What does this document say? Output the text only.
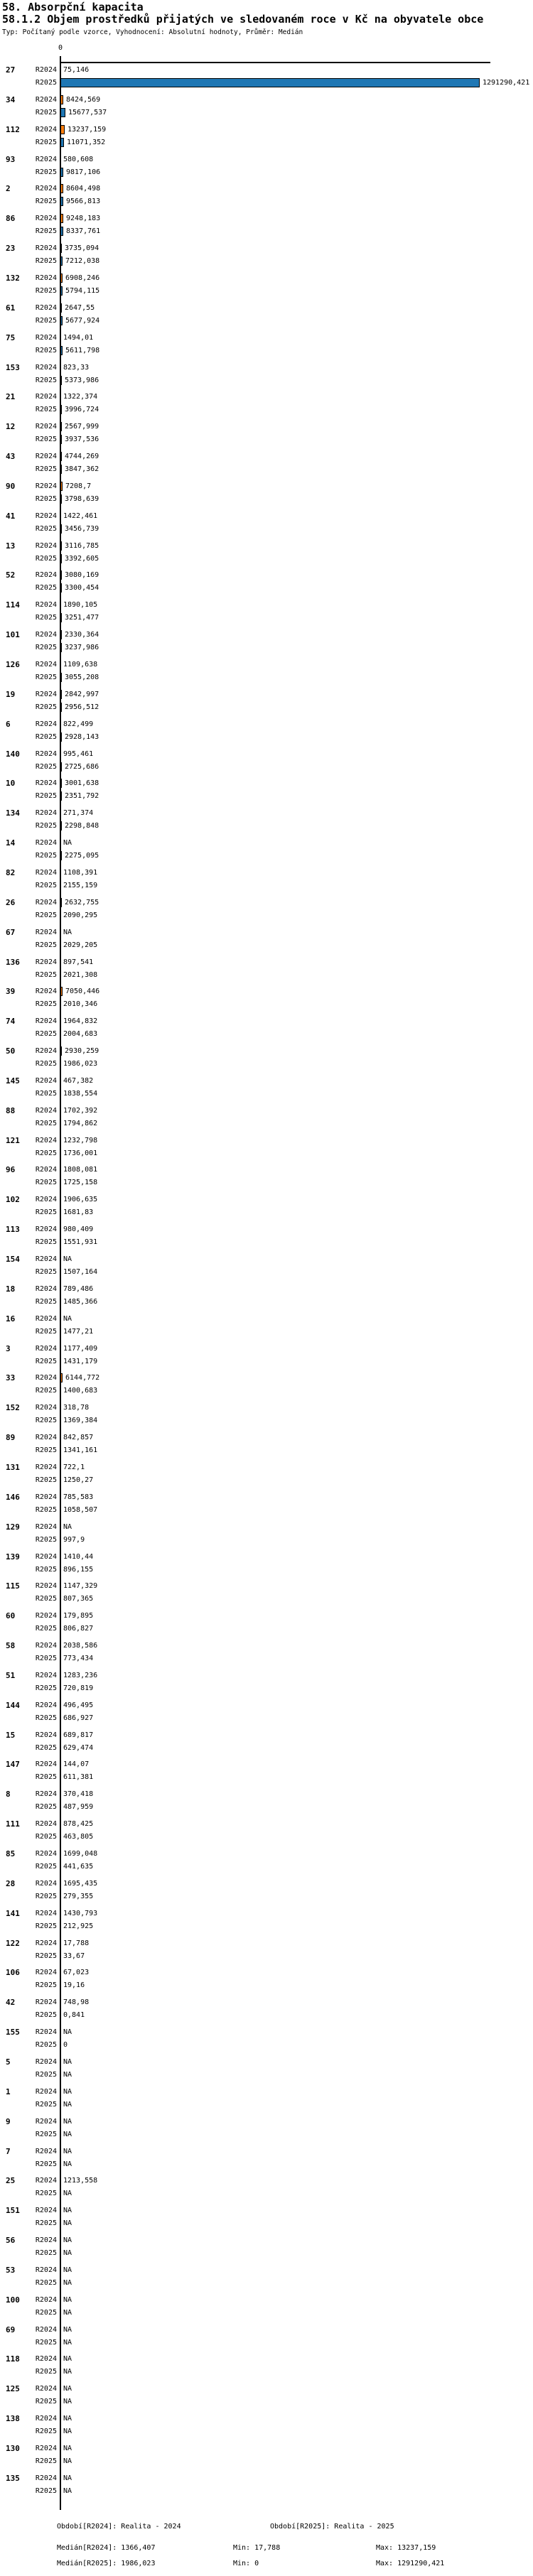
58. Absorpční kapacita
58.1.2 Objem prostředků přijatých ve sledovaném roce v Kč na obyvatele obce
Typ: Počítaný podle vzorce, Vyhodnocení: Absolutní hodnoty, Průměr: Medián
0
27	R2024 75,146
R2025	1291290,421
34	R2024 8424,569
R2025 15677,537
112	R2024 13237,159
R2025 11071,352
93	R2024 580,608
R2025 9817,106
2	R2024 8604,498
R2025 9566,813
86	R2024 9248,183
R2025 8337,761
23	R2024 3735,094
R2025 7212,038
132	R2024 6908,246
R2025 5794,115
61	R2024 2647,55
R2025 5677,924
75	R2024 1494,01
R2025 5611,798
153	R2024 823,33
R2025 5373,986
21	R2024 1322,374
R2025 3996,724
12	R2024 2567,999
R2025 3937,536
43	R2024 4744,269
R2025 3847,362
90	R2024 7208,7
R2025 3798,639
41	R2024 1422,461
R2025 3456,739
13	R2024 3116,785
R2025 3392,605
52	R2024 3080,169
R2025 3300,454
114	R2024 1890,105
R2025 3251,477
101	R2024 2330,364
R2025 3237,986
126	R2024 1109,638
R2025 3055,208
19	R2024 2842,997
R2025 2956,512
6	R2024 822,499
R2025 2928,143
140	R2024 995,461
R2025 2725,686
10	R2024 3001,638
R2025 2351,792
134	R2024 271,374
R2025 2298,848
14	R2024 NA
R2025 2275,095
82	R2024 1108,391
R2025 2155,159
26	R2024 2632,755
R2025 2090,295
67	R2024 NA
R2025 2029,205
136	R2024 897,541
R2025 2021,308
39	R2024 7050,446
R2025 2010,346
74	R2024 1964,832
R2025 2004,683
50	R2024 2930,259
R2025 1986,023
145	R2024 467,382
R2025 1838,554
88	R2024 1702,392
R2025 1794,862
121	R2024 1232,798
R2025 1736,001
96	R2024 1808,081
R2025 1725,158
102	R2024 1906,635
R2025 1681,83
113	R2024 980,409
R2025 1551,931
154	R2024 NA
R2025 1507,164
18	R2024 789,486
R2025 1485,366
16	R2024 NA
R2025 1477,21
3	R2024 1177,409
R2025 1431,179
33	R2024 6144,772
R2025 1400,683
152	R2024 318,78
R2025 1369,384
89	R2024 842,857
R2025 1341,161
131	R2024 722,1
R2025 1250,27
146	R2024 785,583
R2025 1058,507
129	R2024 NA
R2025 997,9
139	R2024 1410,44
R2025 896,155
115	R2024 1147,329
R2025 807,365
60	R2024 179,895
R2025 806,827
58	R2024 2038,586
R2025 773,434
51	R2024 1283,236
R2025 720,819
144	R2024 496,495
R2025 686,927
15	R2024 689,817
R2025 629,474
147	R2024 144,07
R2025 611,381
8	R2024 370,418
R2025 487,959
111	R2024 878,425
R2025 463,805
85	R2024 1699,048
R2025 441,635
28	R2024 1695,435
R2025 279,355
141	R2024 1430,793
R2025 212,925
122	R2024 17,788
R2025 33,67
106	R2024 67,023
R2025 19,16
42	R2024 748,98
R2025 0,841
155	R2024 NA
R2025 0
5	R2024 NA
R2025 NA
1	R2024 NA
R2025 NA
9	R2024 NA
R2025 NA
7	R2024 NA
R2025 NA
25	R2024 1213,558
R2025 NA
151	R2024 NA
R2025 NA
56	R2024 NA
R2025 NA
53	R2024 NA
R2025 NA
100	R2024 NA
R2025 NA
69	R2024 NA
R2025 NA
118	R2024 NA
R2025 NA
125	R2024 NA
R2025 NA
138	R2024 NA
R2025 NA
130	R2024 NA
R2025 NA
135	R2024 NA
R2025 NA
Období[R2024]: Realita - 2024	Období[R2025]: Realita - 2025
Medián[R2024]: 1366,407	Min: 17,788	Max: 13237,159
Medián[R2025]: 1986,023	Min: 0	Max: 1291290,421
